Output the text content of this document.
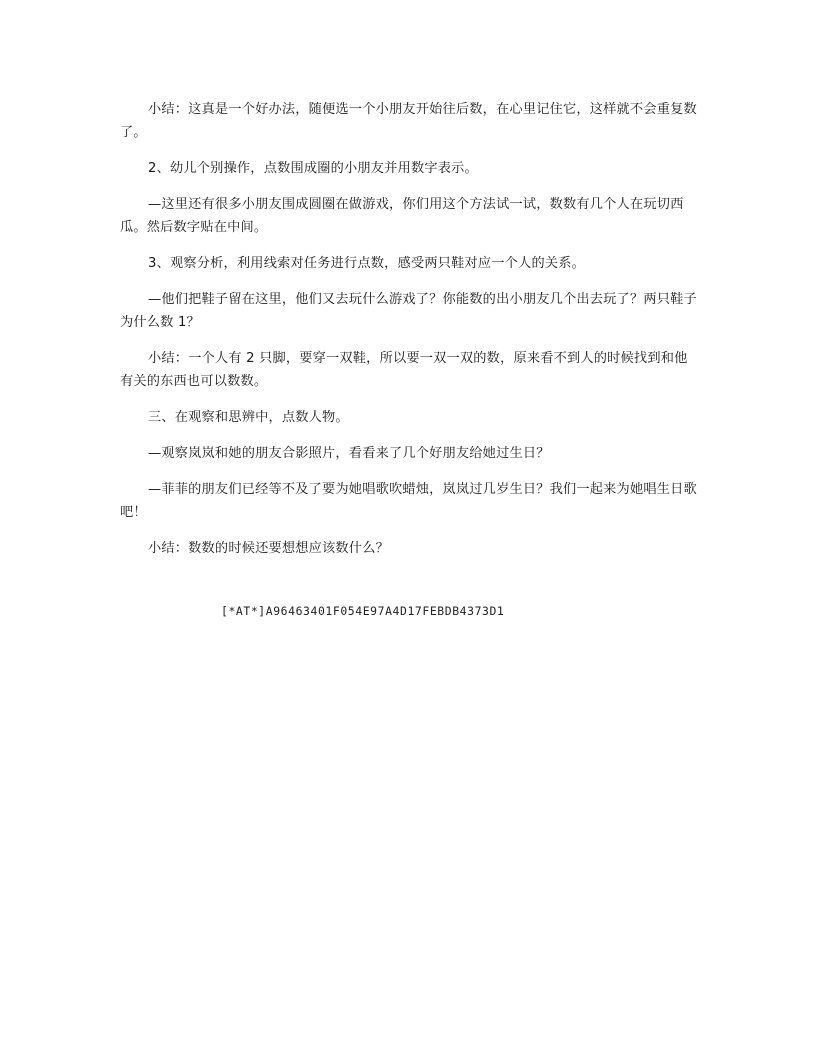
小结：这真是一个好办法，随便选一个小朋友开始往后数，在心里记住它，这样就不会重复数了。

2、幼儿个别操作，点数围成圈的小朋友并用数字表示。

—这里还有很多小朋友围成圆圈在做游戏，你们用这个方法试一试，数数有几个人在玩切西瓜。然后数字贴在中间。

3、观察分析，利用线索对任务进行点数，感受两只鞋对应一个人的关系。

—他们把鞋子留在这里，他们又去玩什么游戏了？你能数的出小朋友几个出去玩了？两只鞋子为什么数 1？

小结：一个人有 2 只脚，要穿一双鞋，所以要一双一双的数，原来看不到人的时候找到和他有关的东西也可以数数。

三、在观察和思辨中，点数人物。

—观察岚岚和她的朋友合影照片，看看来了几个好朋友给她过生日？

—菲菲的朋友们已经等不及了要为她唱歌吹蜡烛，岚岚过几岁生日？我们一起来为她唱生日歌吧！

小结：数数的时候还要想想应该数什么？

[*AT*]A96463401F054E97A4D17FEBDB4373D1
